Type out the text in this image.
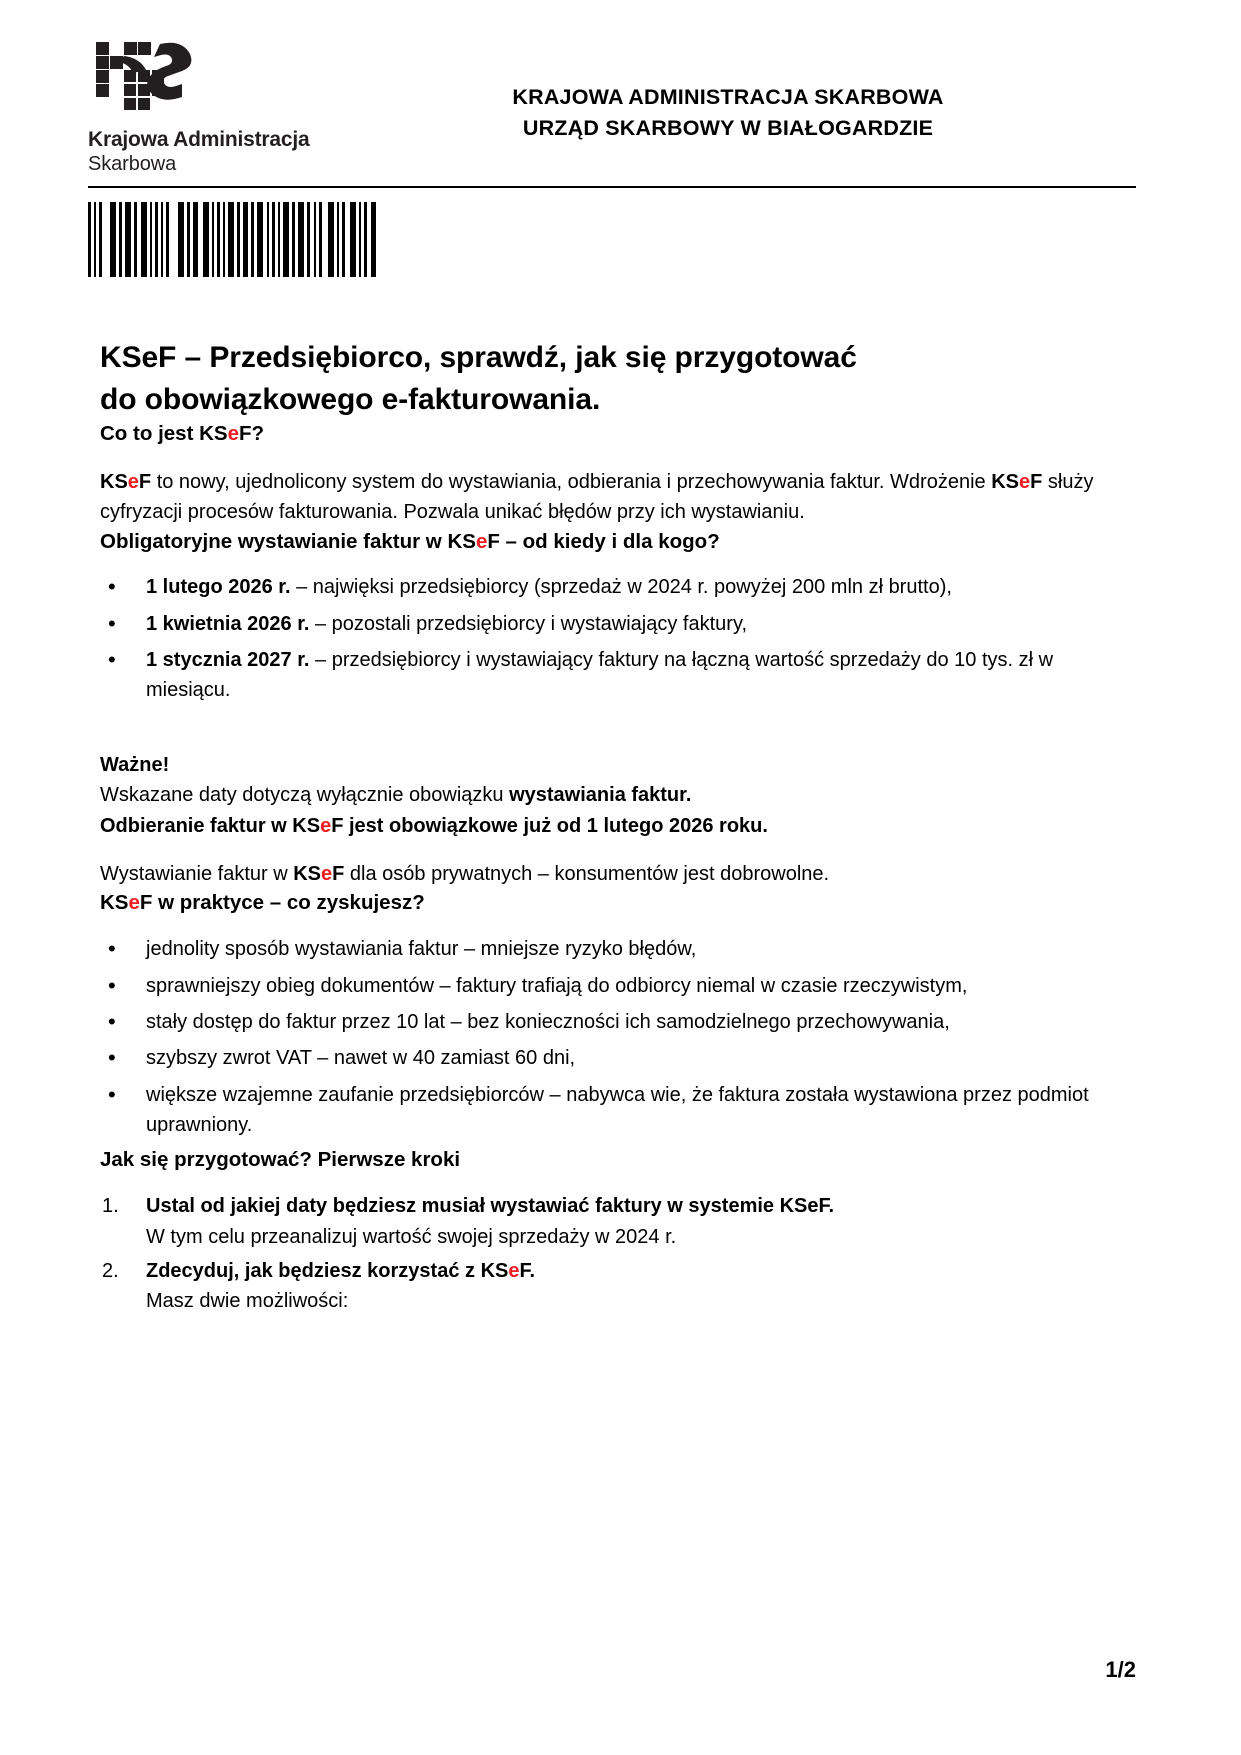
Krajowa Administracja
Skarbowa
KRAJOWA ADMINISTRACJA SKARBOWA
URZĄD SKARBOWY W BIAŁOGARDZIE
KSeF – Przedsiębiorco, sprawdź, jak się przygotować
do obowiązkowego e-fakturowania.
Co to jest KSeF?

KSeF to nowy, ujednolicony system do wystawiania, odbierania i przechowywania faktur. Wdrożenie KSeF służy cyfryzacji procesów fakturowania. Pozwala unikać błędów przy ich wystawianiu.

Obligatoryjne wystawianie faktur w KSeF – od kiedy i dla kogo?
• 1 lutego 2026 r. – najwięksi przedsiębiorcy (sprzedaż w 2024 r. powyżej 200 mln zł brutto),
• 1 kwietnia 2026 r. – pozostali przedsiębiorcy i wystawiający faktury,
• 1 stycznia 2027 r. – przedsiębiorcy i wystawiający faktury na łączną wartość sprzedaży do 10 tys. zł w miesiącu.
Ważne!
Wskazane daty dotyczą wyłącznie obowiązku wystawiania faktur.
Odbieranie faktur w KSeF jest obowiązkowe już od 1 lutego 2026 roku.

Wystawianie faktur w KSeF dla osób prywatnych – konsumentów jest dobrowolne.

KSeF w praktyce – co zyskujesz?
• jednolity sposób wystawiania faktur – mniejsze ryzyko błędów,
• sprawniejszy obieg dokumentów – faktury trafiają do odbiorcy niemal w czasie rzeczywistym,
• stały dostęp do faktur przez 10 lat – bez konieczności ich samodzielnego przechowywania,
• szybszy zwrot VAT – nawet w 40 zamiast 60 dni,
• większe wzajemne zaufanie przedsiębiorców – nabywca wie, że faktura została wystawiona przez podmiot uprawniony.
Jak się przygotować? Pierwsze kroki
1. Ustal od jakiej daty będziesz musiał wystawiać faktury w systemie KSeF.
W tym celu przeanalizuj wartość swojej sprzedaży w 2024 r.
2. Zdecyduj, jak będziesz korzystać z KSeF.
Masz dwie możliwości:
1/2
